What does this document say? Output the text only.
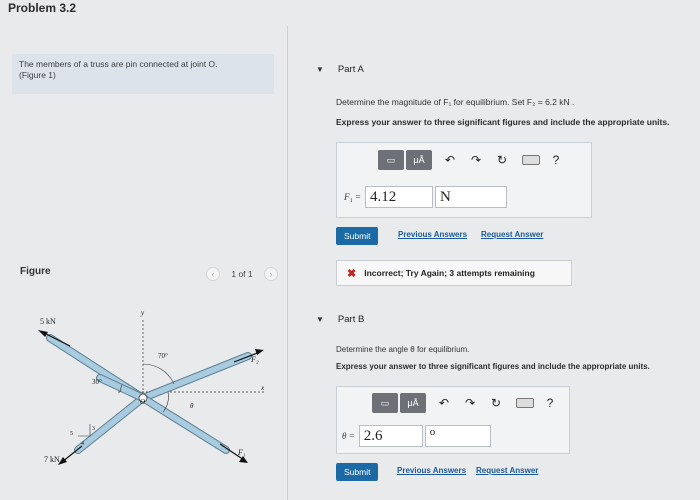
Problem 3.2
The members of a truss are pin connected at joint O.
(Figure 1)
Figure	‹	1 of 1	›
5 kN
7 kN
F₁
F₂
70°
30°
θ
O
x
y
5
4
3
▼ Part A
Determine the magnitude of F₁ for equilibrium. Set F₂ = 6.2 kN .
Express your answer to three significant figures and include the appropriate units.
▭	μÅ	↶	↷	↻	?
F₁ = 4.12	N
Submit	Previous Answers Request Answer
✖ Incorrect; Try Again; 3 attempts remaining
▼ Part B
Determine the angle θ for equilibrium.
Express your answer to three significant figures and include the appropriate units.
▭	μÅ	↶	↷	↻	?
θ = 2.6	o
Submit	Previous Answers Request Answer
